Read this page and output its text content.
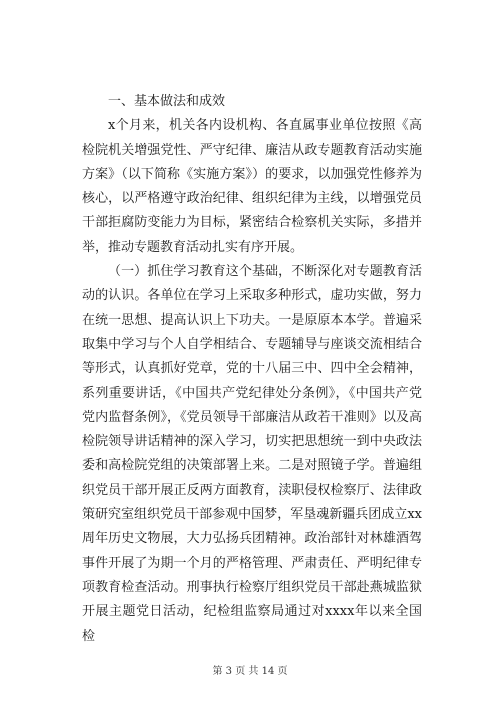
一、基本做法和成效

x个月来，机关各内设机构、各直属事业单位按照《高检院机关增强党性、严守纪律、廉洁从政专题教育活动实施方案》（以下简称《实施方案》）的要求，以加强党性修养为核心，以严格遵守政治纪律、组织纪律为主线，以增强党员干部拒腐防变能力为目标，紧密结合检察机关实际，多措并举，推动专题教育活动扎实有序开展。

（一）抓住学习教育这个基础，不断深化对专题教育活动的认识。各单位在学习上采取多种形式，虚功实做，努力在统一思想、提高认识上下功夫。一是原原本本学。普遍采取集中学习与个人自学相结合、专题辅导与座谈交流相结合等形式，认真抓好党章，党的十八届三中、四中全会精神，系列重要讲话，《中国共产党纪律处分条例》，《中国共产党党内监督条例》，《党员领导干部廉洁从政若干准则》以及高检院领导讲话精神的深入学习，切实把思想统一到中央政法委和高检院党组的决策部署上来。二是对照镜子学。普遍组织党员干部开展正反两方面教育，渎职侵权检察厅、法律政策研究室组织党员干部参观中国梦，军垦魂新疆兵团成立xx周年历史文物展，大力弘扬兵团精神。政治部针对林雄酒驾事件开展了为期一个月的严格管理、严肃责任、严明纪律专项教育检查活动。刑事执行检察厅组织党员干部赴燕城监狱开展主题党日活动，纪检组监察局通过对xxxx年以来全国检

第 3 页 共 14 页
